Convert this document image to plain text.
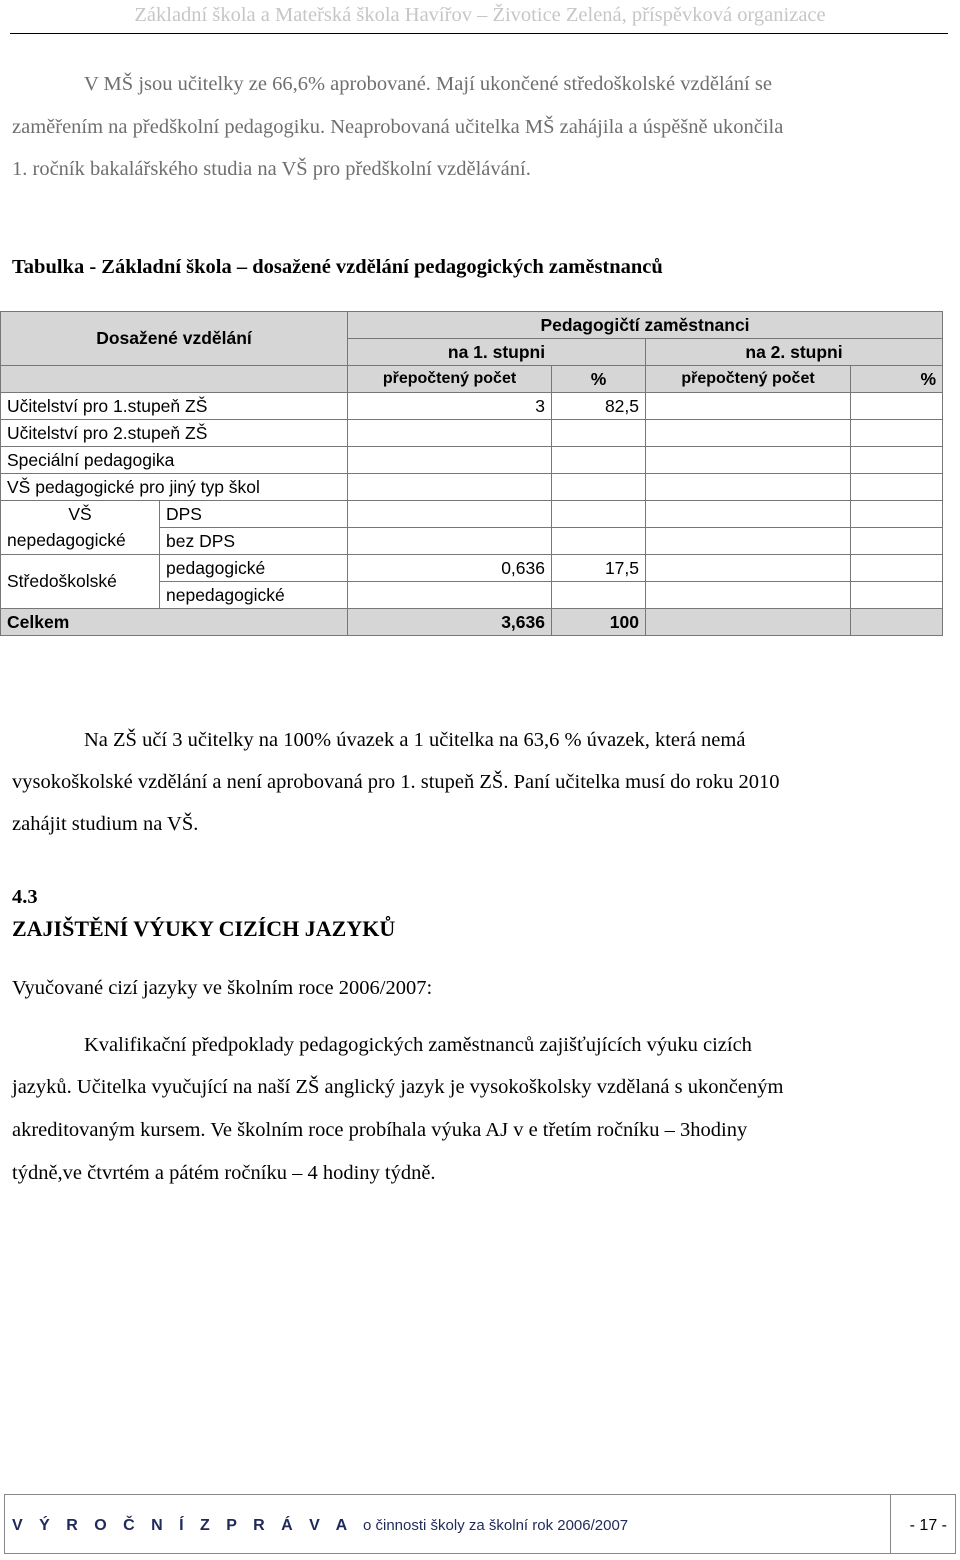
Základní škola a Mateřská škola Havířov – Životice Zelená, příspěvková organizace

V MŠ jsou učitelky ze 66,6% aprobované. Mají ukončené středoškolské vzdělání se

zaměřením na předškolní pedagogiku. Neaprobovaná učitelka MŠ zahájila a úspěšně ukončila

1. ročník bakalářského studia na VŠ pro předškolní vzdělávání.

Tabulka - Základní škola – dosažené vzdělání pedagogických zaměstnanců
Dosažené vzdělání		Pedagogičtí zaměstnanci			
		na 1. stupni		na 2. stupni	
		přepočtený počet	%	přepočtený počet	%
Učitelství pro 1.stupeň ZŠ		3	82,5		
Učitelství pro 2.stupeň ZŠ					
Speciální pedagogika					
VŠ pedagogické pro jiný typ škol					
VŠ	DPS				
nepedagogické	bez DPS				
Středoškolské	pedagogické	0,636	17,5		
	nepedagogické				
Celkem		3,636	100		

Na ZŠ učí 3 učitelky na 100% úvazek a 1 učitelka na 63,6 % úvazek, která nemá

vysokoškolské vzdělání a není aprobovaná pro 1. stupeň ZŠ. Paní učitelka musí do roku 2010

zahájit studium na VŠ.

4.3
ZAJIŠTĚNÍ VÝUKY CIZÍCH JAZYKŮ

Vyučované cizí jazyky ve školním roce 2006/2007:

Kvalifikační předpoklady pedagogických zaměstnanců zajišťujících výuku cizích

jazyků. Učitelka vyučující na naší ZŠ anglický jazyk je vysokoškolsky vzdělaná s ukončeným

akreditovaným kursem. Ve školním roce probíhala výuka AJ v e třetím ročníku – 3hodiny

týdně,ve čtvrtém a pátém ročníku – 4 hodiny týdně.

V Ý R O Č N Í Z P R Á V A o činnosti školy za školní rok 2006/2007	- 17 -
